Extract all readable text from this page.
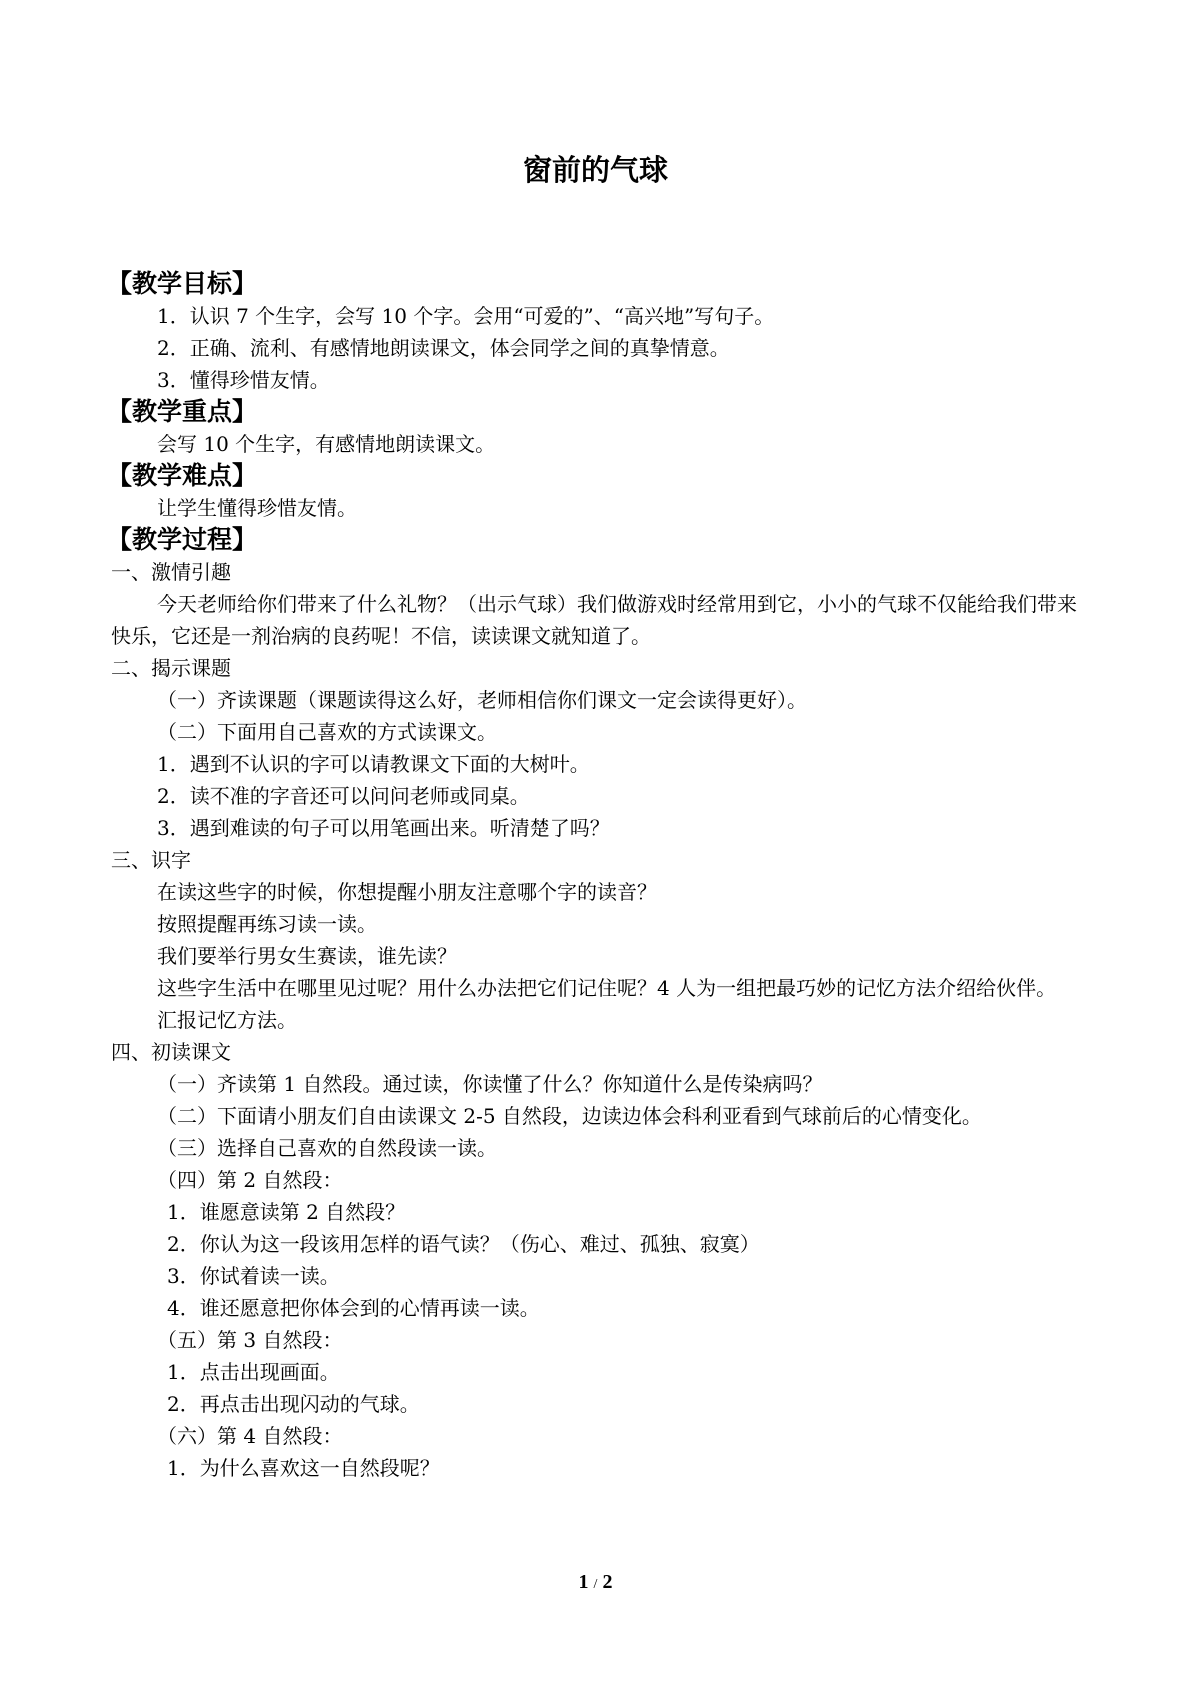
窗前的气球
【教学目标】
1．认识 7 个生字，会写 10 个字。会用“可爱的”、“高兴地”写句子。
2．正确、流利、有感情地朗读课文，体会同学之间的真挚情意。
3．懂得珍惜友情。
【教学重点】
会写 10 个生字，有感情地朗读课文。
【教学难点】
让学生懂得珍惜友情。
【教学过程】
一、激情引趣
今天老师给你们带来了什么礼物？（出示气球）我们做游戏时经常用到它，小小的气球不仅能给我们带来快乐，它还是一剂治病的良药呢！不信，读读课文就知道了。
二、揭示课题
（一）齐读课题（课题读得这么好，老师相信你们课文一定会读得更好）。
（二）下面用自己喜欢的方式读课文。
1．遇到不认识的字可以请教课文下面的大树叶。
2．读不准的字音还可以问问老师或同桌。
3．遇到难读的句子可以用笔画出来。听清楚了吗？
三、识字
在读这些字的时候，你想提醒小朋友注意哪个字的读音？
按照提醒再练习读一读。
我们要举行男女生赛读，谁先读？
这些字生活中在哪里见过呢？用什么办法把它们记住呢？4 人为一组把最巧妙的记忆方法介绍给伙伴。
汇报记忆方法。
四、初读课文
（一）齐读第 1 自然段。通过读，你读懂了什么？你知道什么是传染病吗？
（二）下面请小朋友们自由读课文 2-5 自然段，边读边体会科利亚看到气球前后的心情变化。
（三）选择自己喜欢的自然段读一读。
（四）第 2 自然段：
1．谁愿意读第 2 自然段？
2．你认为这一段该用怎样的语气读？（伤心、难过、孤独、寂寞）
3．你试着读一读。
4．谁还愿意把你体会到的心情再读一读。
（五）第 3 自然段：
1．点击出现画面。
2．再点击出现闪动的气球。
（六）第 4 自然段：
1．为什么喜欢这一自然段呢？
1 / 2
